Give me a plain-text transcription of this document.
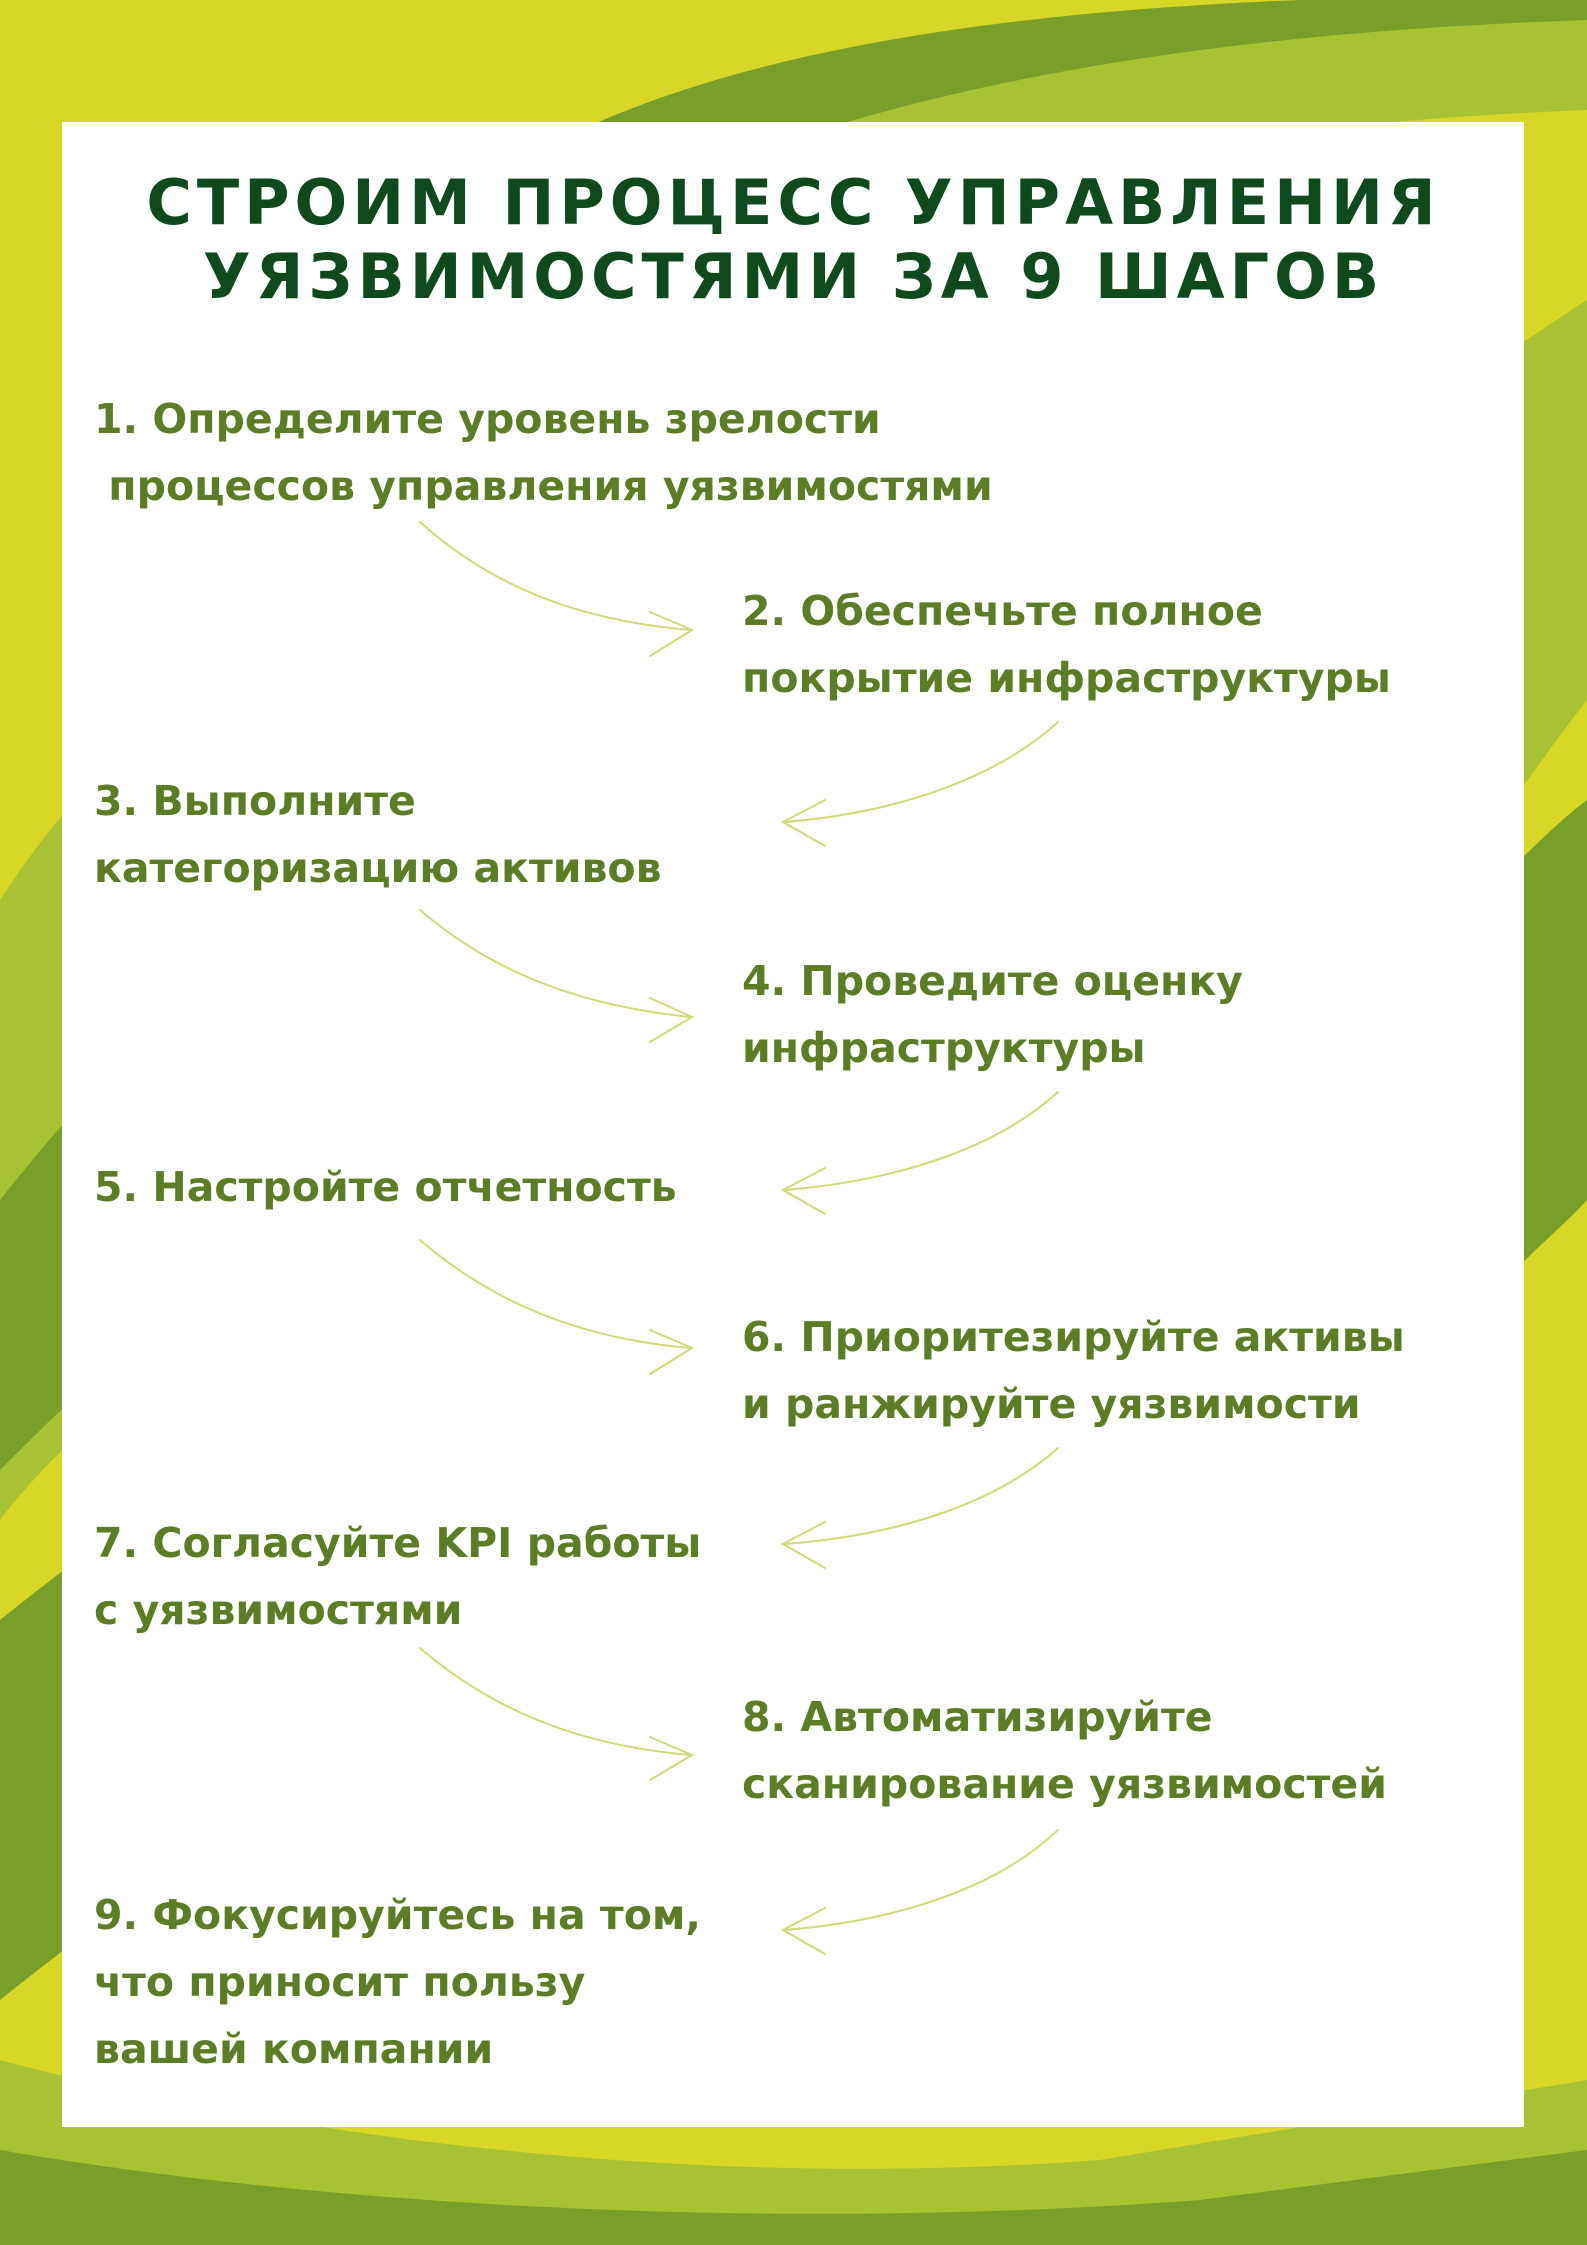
СТРОИМ ПРОЦЕСС УПРАВЛЕНИЯ
УЯЗВИМОСТЯМИ ЗА 9 ШАГОВ
1. Определите уровень зрелости
процессов управления уязвимостями
2. Обеспечьте полное
покрытие инфраструктуры
3. Выполните
категоризацию активов
4. Проведите оценку
инфраструктуры
5. Настройте отчетность
6. Приоритезируйте активы
и ранжируйте уязвимости
7. Согласуйте KPI работы
с уязвимостями
8. Автоматизируйте
сканирование уязвимостей
9. Фокусируйтесь на том,
что приносит пользу
вашей компании
